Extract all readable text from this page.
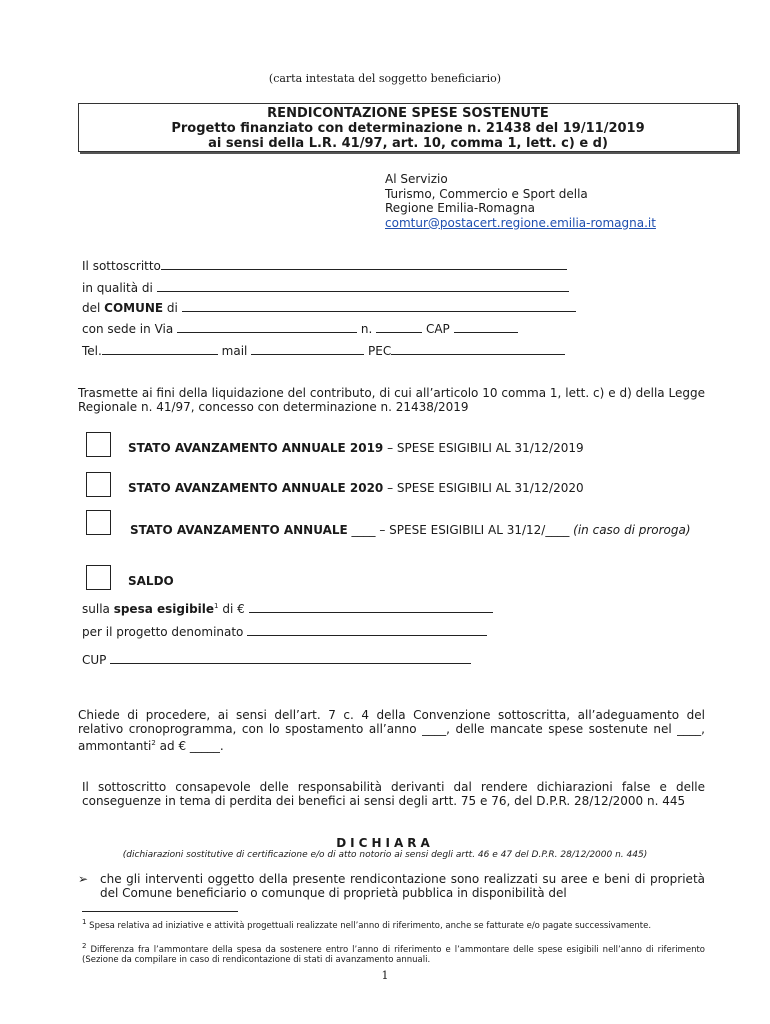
(carta intestata del soggetto beneficiario)
RENDICONTAZIONE SPESE SOSTENUTE
Progetto finanziato con determinazione n. 21438 del 19/11/2019
ai sensi della L.R. 41/97, art. 10, comma 1, lett. c) e d)
Al Servizio
Turismo, Commercio e Sport della
Regione Emilia-Romagna
comtur@postacert.regione.emilia-romagna.it
Il sottoscritto
in qualità di
del COMUNE di
con sede in Via	n.	CAP
Tel.	mail	PEC
Trasmette ai fini della liquidazione del contributo, di cui all’articolo 10 comma 1, lett. c) e d) della Legge Regionale n. 41/97, concesso con determinazione n. 21438/2019
STATO AVANZAMENTO ANNUALE 2019 – SPESE ESIGIBILI AL 31/12/2019
STATO AVANZAMENTO ANNUALE 2020 – SPESE ESIGIBILI AL 31/12/2020
STATO AVANZAMENTO ANNUALE ____ – SPESE ESIGIBILI AL 31/12/____ (in caso di proroga)
SALDO
sulla spesa esigibile$^1$ di €
per il progetto denominato
CUP
Chiede di procedere, ai sensi dell’art. 7 c. 4 della Convenzione sottoscritta, all’adeguamento del relativo cronoprogramma, con lo spostamento all’anno ____, delle mancate spese sostenute nel ____, ammontanti$^2$ ad € _____.
Il sottoscritto consapevole delle responsabilità derivanti dal rendere dichiarazioni false e delle conseguenze in tema di perdita dei benefici ai sensi degli artt. 75 e 76, del D.P.R. 28/12/2000 n. 445
DICHIARA
(dichiarazioni sostitutive di certificazione e/o di atto notorio ai sensi degli artt. 46 e 47 del D.P.R. 28/12/2000 n. 445)
➢ che gli interventi oggetto della presente rendicontazione sono realizzati su aree e beni di proprietà del Comune beneficiario o comunque di proprietà pubblica in disponibilità del
$^1$ Spesa relativa ad iniziative e attività progettuali realizzate nell’anno di riferimento, anche se fatturate e/o pagate successivamente.
$^2$ Differenza fra l’ammontare della spesa da sostenere entro l’anno di riferimento e l’ammontare delle spese esigibili nell’anno di riferimento (Sezione da compilare in caso di rendicontazione di stati di avanzamento annuali.
1
